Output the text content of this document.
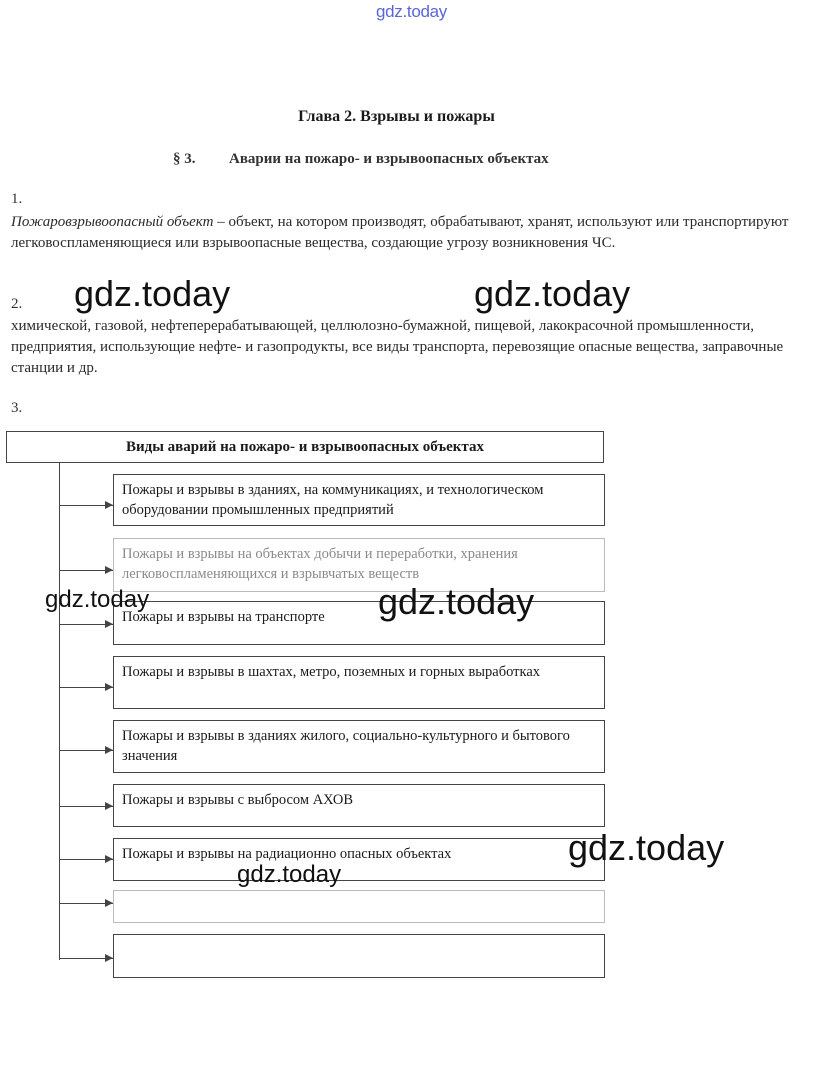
gdz.today
Глава 2. Взрывы и пожары
§ 3. Аварии на пожаро- и взрывоопасных объектах
1.
Пожаровзрывоопасный объект – объект, на котором производят, обрабатывают, хранят, используют или транспортируют легковоспламеняющиеся или взрывоопасные вещества, создающие угрозу возникновения ЧС.
2.
химической, газовой, нефтеперерабатывающей, целлюлозно-бумажной, пищевой, лакокрасочной промышленности, предприятия, использующие нефте- и газопродукты, все виды транспорта, перевозящие опасные вещества, заправочные станции и др.
3.
Виды аварий на пожаро- и взрывоопасных объектах
Пожары и взрывы в зданиях, на коммуникациях, и технологическом оборудовании промышленных предприятий
Пожары и взрывы на объектах добычи и переработки, хранения легковоспламеняющихся и взрывчатых веществ
Пожары и взрывы на транспорте
Пожары и взрывы в шахтах, метро, поземных и горных выработках
Пожары и взрывы в зданиях жилого, социально-культурного и бытового значения
Пожары и взрывы с выбросом АХОВ
Пожары и взрывы на радиационно опасных объектах
gdz.today	gdz.today
gdz.today	gdz.today
gdz.today
gdz.today
